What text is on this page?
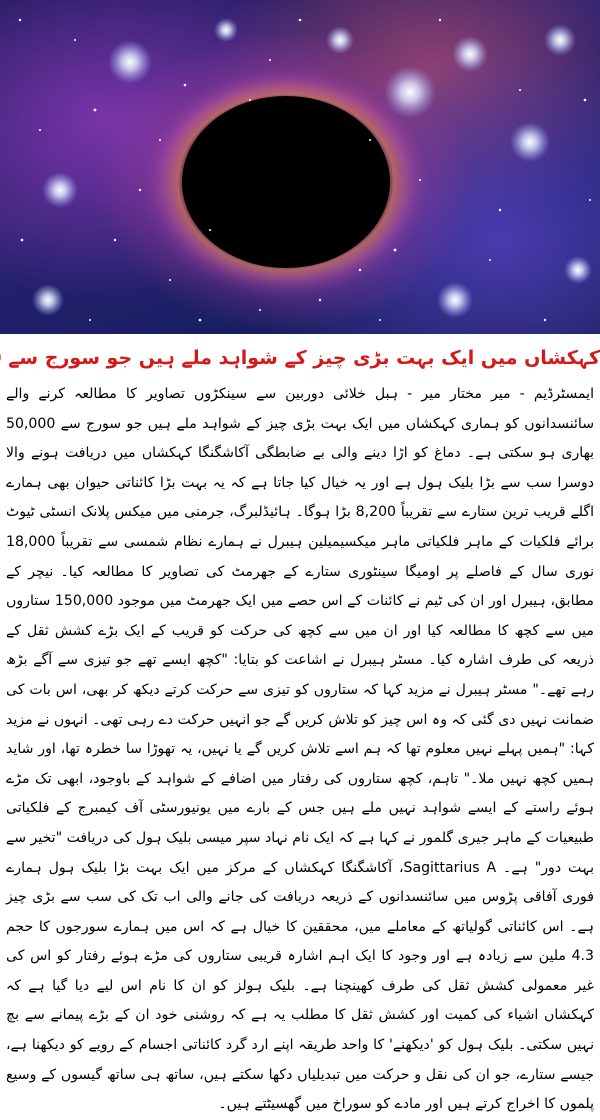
کہکشاں میں ایک بہت بڑی چیز کے شواہد ملے ہیں جو سورج سے

ایمسٹرڈیم - میر مختار میر - ہبل خلائی دوربین سے سینکڑوں تصاویر کا مطالعہ کرنے والے سائنسدانوں کو ہماری کہکشاں میں ایک بہت بڑی چیز کے شواہد ملے ہیں جو سورج سے 50,000 بھاری ہو سکتی ہے۔ دماغ کو اڑا دینے والی بے ضابطگی آکاشگنگا کہکشاں میں دریافت ہونے والا دوسرا سب سے بڑا بلیک ہول ہے اور یہ خیال کیا جاتا ہے کہ یہ بہت بڑا کائناتی حیوان بھی ہمارے اگلے قریب ترین ستارے سے تقریباً 8,200 بڑا ہوگا۔ ہائیڈلبرگ، جرمنی میں میکس پلانک انسٹی ٹیوٹ برائے فلکیات کے ماہر فلکیاتی ماہر میکسیمیلین ہیبرل نے ہمارے نظام شمسی سے تقریباً 18,000 نوری سال کے فاصلے پر اومیگا سینٹوری ستارے کے جھرمٹ کی تصاویر کا مطالعہ کیا۔ نیچر کے مطابق، ہیبرل اور ان کی ٹیم نے کائنات کے اس حصے میں ایک جھرمٹ میں موجود 150,000 ستاروں میں سے کچھ کا مطالعہ کیا اور ان میں سے کچھ کی حرکت کو قریب کے ایک بڑے کشش ثقل کے ذریعہ کی طرف اشارہ کیا۔ مسٹر ہیبرل نے اشاعت کو بتایا: "کچھ ایسے تھے جو تیزی سے آگے بڑھ رہے تھے۔" مسٹر ہیبرل نے مزید کہا کہ ستاروں کو تیزی سے حرکت کرتے دیکھ کر بھی، اس بات کی ضمانت نہیں دی گئی کہ وہ اس چیز کو تلاش کریں گے جو انہیں حرکت دے رہی تھی۔ انہوں نے مزید کہا: "ہمیں پہلے نہیں معلوم تھا کہ ہم اسے تلاش کریں گے یا نہیں، یہ تھوڑا سا خطرہ تھا، اور شاید ہمیں کچھ نہیں ملا۔" تاہم، کچھ ستاروں کی رفتار میں اضافے کے شواہد کے باوجود، ابھی تک مڑے ہوئے راستے کے ایسے شواہد نہیں ملے ہیں جس کے بارے میں یونیورسٹی آف کیمبرج کے فلکیاتی طبیعیات کے ماہر جیری گلمور نے کہا ہے کہ ایک نام نہاد سپر میسی بلیک ہول کی دریافت "تخیر سے بہت دور" ہے۔ Sagittarius A، آکاشگنگا کہکشاں کے مرکز میں ایک بہت بڑا بلیک ہول ہمارے فوری آفاقی پڑوس میں سائنسدانوں کے ذریعہ دریافت کی جانے والی اب تک کی سب سے بڑی چیز ہے۔ اس کائناتی گولیاتھ کے معاملے میں، محققین کا خیال ہے کہ اس میں ہمارے سورجوں کا حجم 4.3 ملین سے زیادہ ہے اور وجود کا ایک اہم اشارہ قریبی ستاروں کی مڑے ہوئے رفتار کو اس کی غیر معمولی کشش ثقل کی طرف کھینچنا ہے۔ بلیک ہولز کو ان کا نام اس لیے دیا گیا ہے کہ کہکشاں اشیاء کی کمیت اور کشش ثقل کا مطلب یہ ہے کہ روشنی خود ان کے بڑے پیمانے سے بچ نہیں سکتی۔ بلیک ہول کو 'دیکھنے' کا واحد طریقہ اپنے ارد گرد کائناتی اجسام کے رویے کو دیکھنا ہے، جیسے ستارے، جو ان کی نقل و حرکت میں تبدیلیاں دکھا سکتے ہیں، ساتھ ہی ساتھ گیسوں کے وسیع پلموں کا اخراج کرتے ہیں اور مادے کو سوراخ میں گھسیٹتے ہیں۔
